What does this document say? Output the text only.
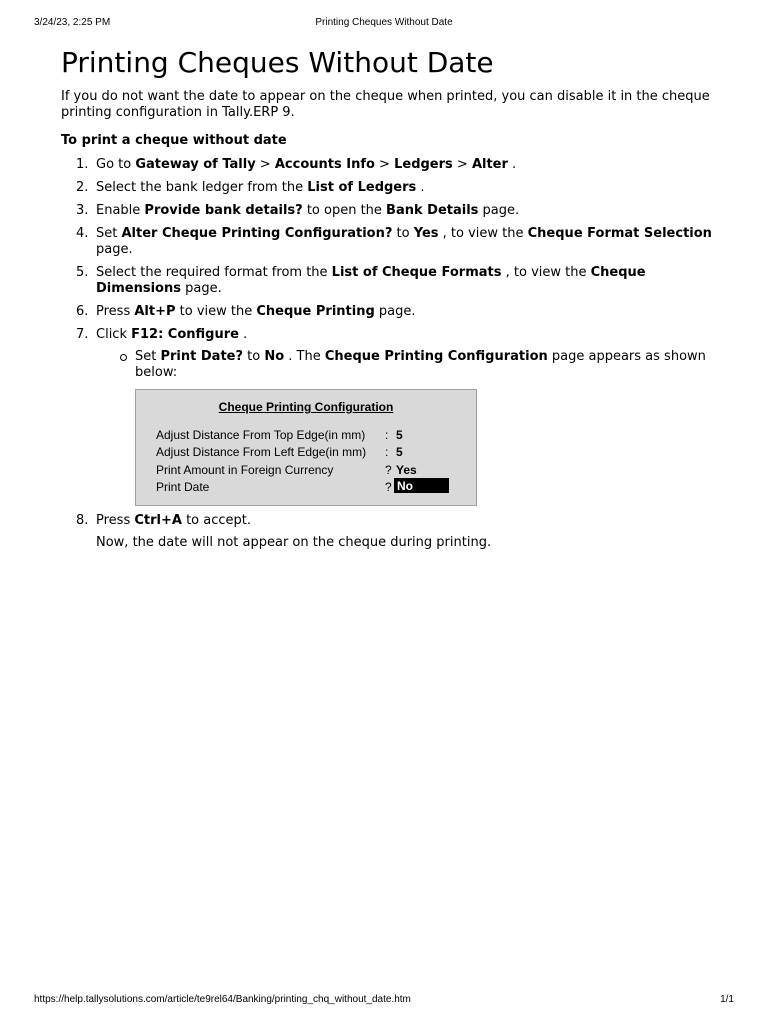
3/24/23, 2:25 PM	Printing Cheques Without Date
Printing Cheques Without Date

If you do not want the date to appear on the cheque when printed, you can disable it in the cheque printing configuration in Tally.ERP 9.

To print a cheque without date
1. Go to Gateway of Tally > Accounts Info > Ledgers > Alter .
2. Select the bank ledger from the List of Ledgers .
3. Enable Provide bank details? to open the Bank Details page.
4. Set Alter Cheque Printing Configuration? to Yes , to view the Cheque Format Selection page.
5. Select the required format from the List of Cheque Formats , to view the Cheque Dimensions page.
6. Press Alt+P to view the Cheque Printing page.
7. Click F12: Configure .
Set Print Date? to No . The Cheque Printing Configuration page appears as shown below:
Cheque Printing Configuration
Adjust Distance From Top Edge(in mm) : 5
Adjust Distance From Left Edge(in mm) : 5
Print Amount in Foreign Currency	? Yes
Print Date	? No
8. Press Ctrl+A to accept.

Now, the date will not appear on the cheque during printing.

https://help.tallysolutions.com/article/te9rel64/Banking/printing_chq_without_date.htm	1/1
